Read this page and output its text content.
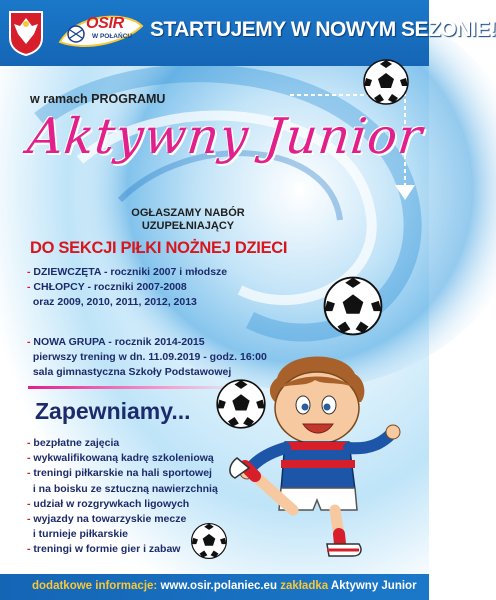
OSIR
W POŁAŃCU STARTUJEMY W NOWYM SEZONIE!
w ramach PROGRAMU
Aktywny Junior
OGŁASZAMY NABÓR
UZUPEŁNIAJĄCY
DO SEKCJI PIŁKI NOŻNEJ DZIECI
- DZIEWCZĘTA - roczniki 2007 i młodsze
- CHŁOPCY - roczniki 2007-2008
oraz 2009, 2010, 2011, 2012, 2013
- NOWA GRUPA - rocznik 2014-2015
pierwszy trening w dn. 11.09.2019 - godz. 16:00
sala gimnastyczna Szkoły Podstawowej
Zapewniamy...
- bezpłatne zajęcia
- wykwalifikowaną kadrę szkoleniową
- treningi piłkarskie na hali sportowej
i na boisku ze sztuczną nawierzchnią
- udział w rozgrywkach ligowych
- wyjazdy na towarzyskie mecze
i turnieje piłkarskie
- treningi w formie gier i zabaw
dodatkowe informacje: www.osir.polaniec.eu zakładka Aktywny Junior
